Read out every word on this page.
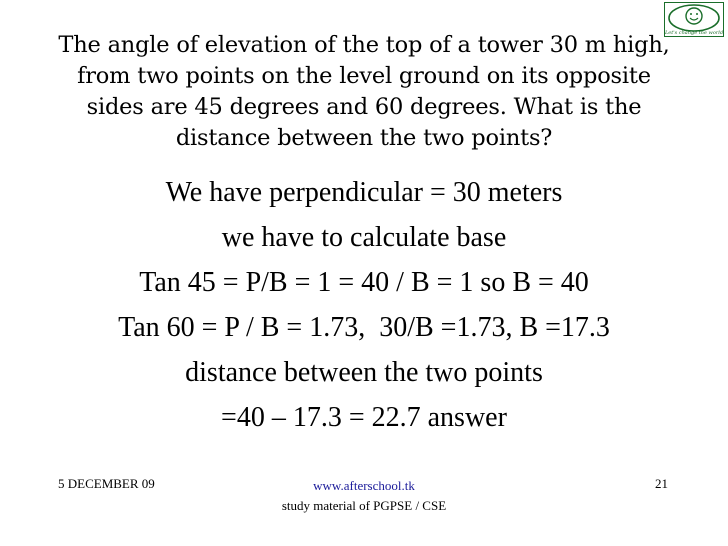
Let's change the world
The angle of elevation of the top of a tower 30 m high, from two points on the level ground on its opposite sides are 45 degrees and 60 degrees. What is the distance between the two points?
We have perpendicular = 30 meters
we have to calculate base
Tan 45 = P/B = 1 = 40 / B = 1 so B = 40
Tan 60 = P / B = 1.73,  30/B =1.73, B =17.3
distance between the two points
=40 – 17.3 = 22.7 answer
5 DECEMBER 09	www.afterschool.tk
study material of PGPSE / CSE
21
